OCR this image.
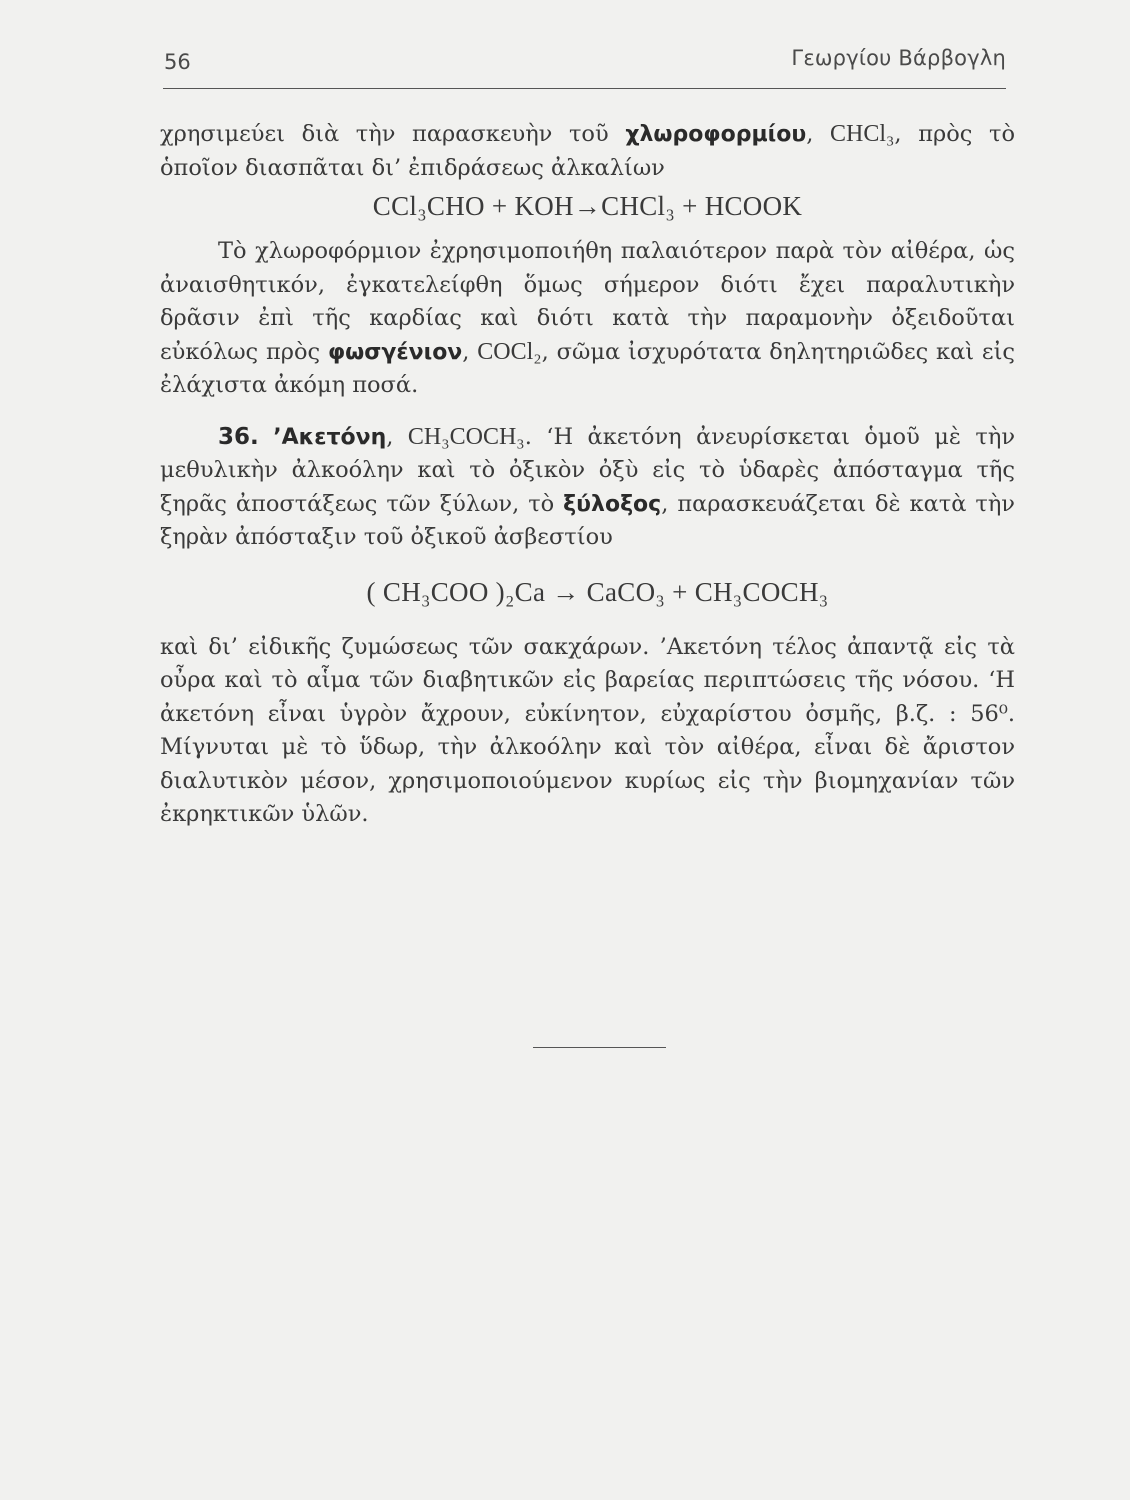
56	Γεωργίου Βάρβογλη

χρησιμεύει διὰ τὴν παρασκευὴν τοῦ χλωροφορμίου, CHCl₃, πρὸς τὸ ὁποῖον διασπᾶται δι’ ἐπιδράσεως ἀλκαλίων

CCl₃CHO + KOH→CHCl₃ + HCOOK

Τὸ χλωροφόρμιον ἐχρησιμοποιήθη παλαιότερον παρὰ τὸν αἰθέρα, ὡς ἀναισθητικόν, ἐγκατελείφθη ὅμως σήμερον διότι ἔχει παραλυτικὴν δρᾶσιν ἐπὶ τῆς καρδίας καὶ διότι κατὰ τὴν παραμονὴν ὀξειδοῦται εὐκόλως πρὸς φωσγένιον, COCl₂, σῶμα ἰσχυρότατα δηλητηριῶδες καὶ εἰς ἐλάχιστα ἀκόμη ποσά.

36. ’Ακετόνη, CH₃COCH₃. ‘Η ἀκετόνη ἀνευρίσκεται ὁμοῦ μὲ τὴν μεθυλικὴν ἀλκοόλην καὶ τὸ ὀξικὸν ὀξὺ εἰς τὸ ὑδαρὲς ἀπόσταγμα τῆς ξηρᾶς ἀποστάξεως τῶν ξύλων, τὸ ξύλοξος, παρασκευάζεται δὲ κατὰ τὴν ξηρὰν ἀπόσταξιν τοῦ ὀξικοῦ ἀσβεστίου

( CH₃COO )₂Ca → CaCO₃ + CH₃COCH₃

καὶ δι’ εἰδικῆς ζυμώσεως τῶν σακχάρων. ’Ακετόνη τέλος ἀπαντᾷ εἰς τὰ οὖρα καὶ τὸ αἷμα τῶν διαβητικῶν εἰς βαρείας περιπτώσεις τῆς νόσου. ‘Η ἀκετόνη εἶναι ὑγρὸν ἄχρουν, εὐκίνητον, εὐχαρίστου ὀσμῆς, β.ζ. : 56⁰. Μίγνυται μὲ τὸ ὕδωρ, τὴν ἀλκοόλην καὶ τὸν αἰθέρα, εἶναι δὲ ἄριστον διαλυτικὸν μέσον, χρησιμοποιούμενον κυρίως εἰς τὴν βιομηχανίαν τῶν ἐκρηκτικῶν ὑλῶν.
